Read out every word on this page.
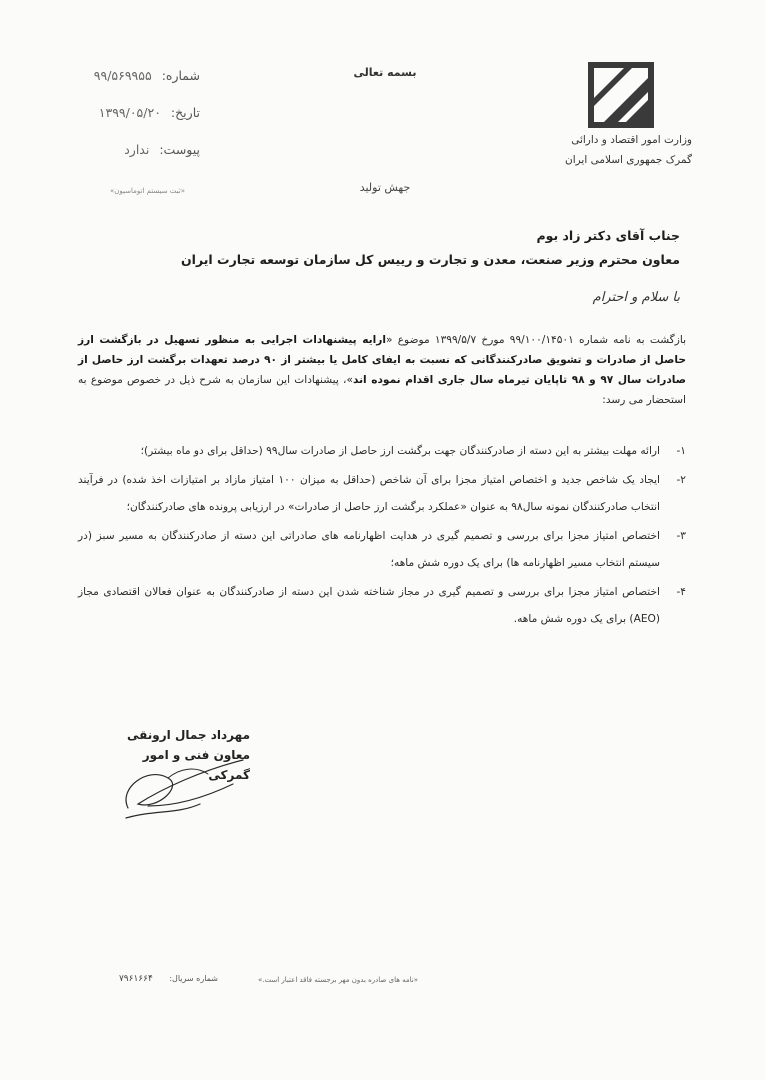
وزارت امور اقتصاد و دارائی
گمرک جمهوری اسلامی ایران
بسمه تعالی
شماره: ۹۹/۵۶۹۹۵۵
تاریخ: ۱۳۹۹/۰۵/۲۰
پیوست: ندارد
«ثبت سیستم اتوماسیون»	جهش تولید
جناب آقای دکتر زاد بوم
معاون محترم وزیر صنعت، معدن و تجارت و رییس کل سازمان توسعه تجارت ایران
با سلام و احترام
بازگشت به نامه شماره ۹۹/۱۰۰/۱۴۵۰۱ مورخ ۱۳۹۹/۵/۷ موضوع «ارایه پیشنهادات اجرایی به منظور تسهیل در بازگشت ارز حاصل از صادرات و تشویق صادرکنندگانی که نسبت به ایفای کامل یا بیشتر از ۹۰ درصد تعهدات برگشت ارز حاصل از صادرات سال ۹۷ و ۹۸ تاپایان تیرماه سال جاری اقدام نموده اند»، پیشنهادات این سازمان به شرح ذیل در خصوص موضوع به استحضار می رسد:
۱-
ارائه مهلت بیشتر به این دسته از صادرکنندگان جهت برگشت ارز حاصل از صادرات سال۹۹ (حداقل برای دو ماه بیشتر)؛
۲-
ایجاد یک شاخص جدید و اختصاص امتیاز مجزا برای آن شاخص (حداقل به میزان ۱۰۰ امتیاز مازاد بر امتیازات اخذ شده) در فرآیند انتخاب صادرکنندگان نمونه سال۹۸ به عنوان «عملکرد برگشت ارز حاصل از صادرات» در ارزیابی پرونده های صادرکنندگان؛
۳-
اختصاص امتیاز مجزا برای بررسی و تصمیم گیری در هدایت اظهارنامه های صادراتی این دسته از صادرکنندگان به مسیر سبز (در سیستم انتخاب مسیر اظهارنامه ها) برای یک دوره شش ماهه؛
۴-
اختصاص امتیاز مجزا برای بررسی و تصمیم گیری در مجاز شناخته شدن این دسته از صادرکنندگان به عنوان فعالان اقتصادی مجاز (AEO) برای یک دوره شش ماهه.
مهرداد جمال ارونقی
معاون فنی و امور گمرکی
«نامه های صادره بدون مهر برجسته فاقد اعتبار است.»
شماره سریال: ۷۹۶۱۶۶۴
